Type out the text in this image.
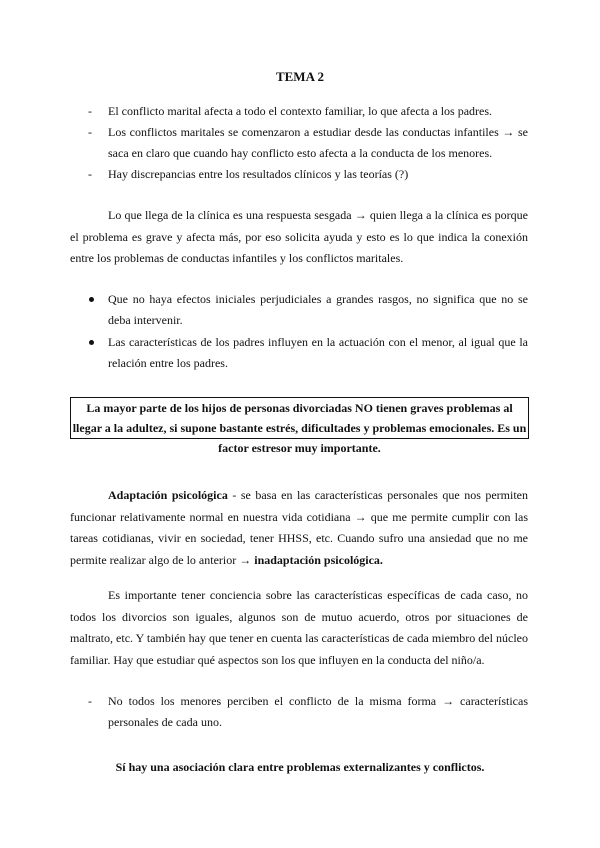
TEMA 2
- El conflicto marital afecta a todo el contexto familiar, lo que afecta a los padres.
- Los conflictos maritales se comenzaron a estudiar desde las conductas infantiles → se saca en claro que cuando hay conflicto esto afecta a la conducta de los menores.
- Hay discrepancias entre los resultados clínicos y las teorías (?)
Lo que llega de la clínica es una respuesta sesgada → quien llega a la clínica es porque el problema es grave y afecta más, por eso solicita ayuda y esto es lo que indica la conexión entre los problemas de conductas infantiles y los conflictos maritales.
Que no haya efectos iniciales perjudiciales a grandes rasgos, no significa que no se deba intervenir.
Las características de los padres influyen en la actuación con el menor, al igual que la relación entre los padres.
La mayor parte de los hijos de personas divorciadas NO tienen graves problemas al llegar a la adultez, si supone bastante estrés, dificultades y problemas emocionales. Es un factor estresor muy importante.
Adaptación psicológica - se basa en las características personales que nos permiten funcionar relativamente normal en nuestra vida cotidiana → que me permite cumplir con las tareas cotidianas, vivir en sociedad, tener HHSS, etc. Cuando sufro una ansiedad que no me permite realizar algo de lo anterior → inadaptación psicológica.
Es importante tener conciencia sobre las características específicas de cada caso, no todos los divorcios son iguales, algunos son de mutuo acuerdo, otros por situaciones de maltrato, etc. Y también hay que tener en cuenta las características de cada miembro del núcleo familiar. Hay que estudiar qué aspectos son los que influyen en la conducta del niño/a.
- No todos los menores perciben el conflicto de la misma forma → características personales de cada uno.
Sí hay una asociación clara entre problemas externalizantes y conflictos.
